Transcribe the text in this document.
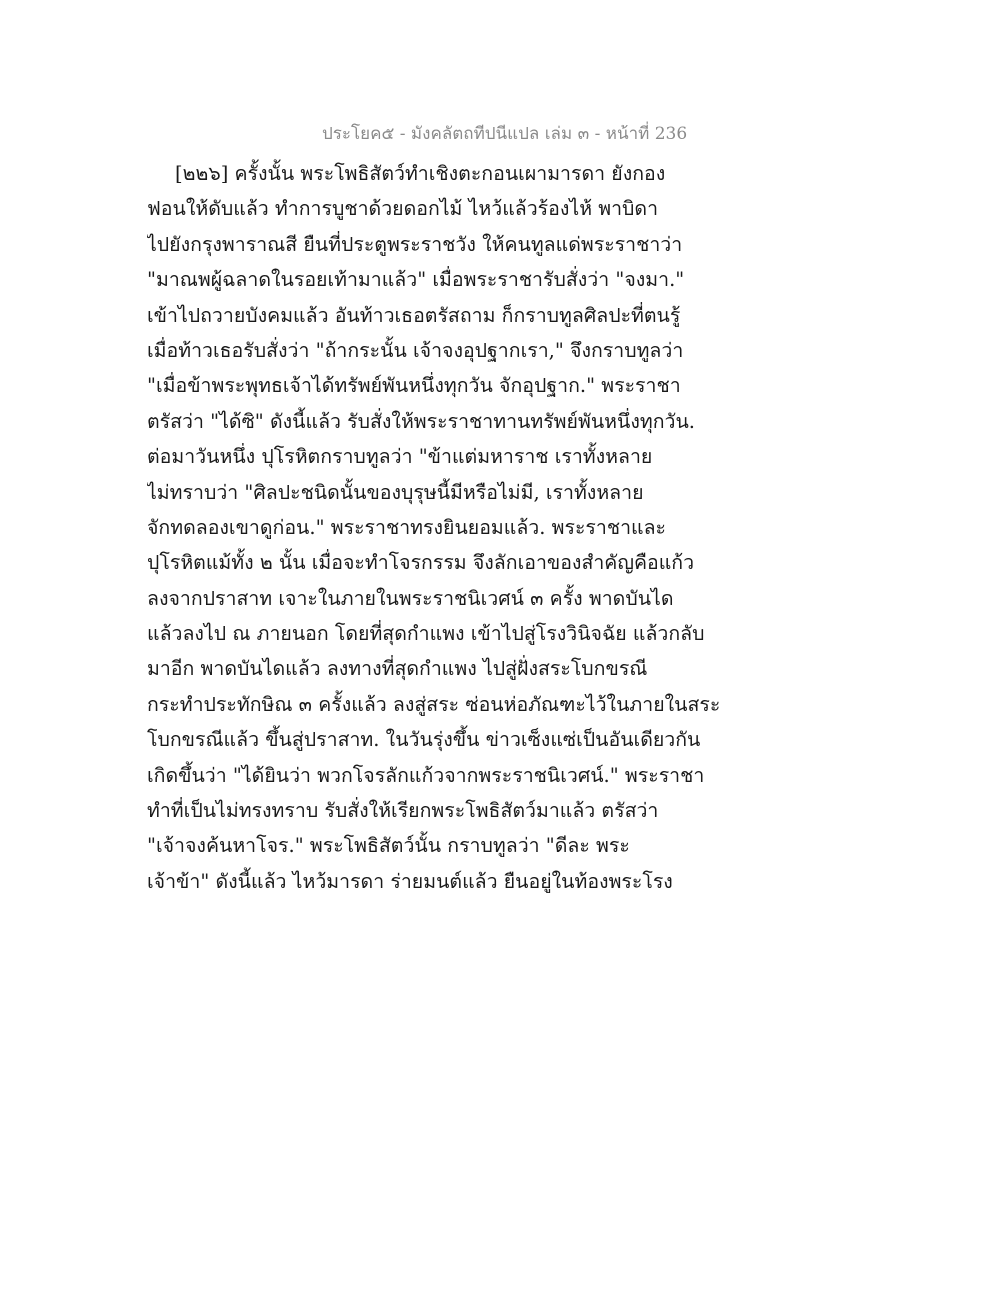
ประโยค๕ - มังคลัตถทีปนีแปล เล่ม ๓ - หน้าที่ 236
[๒๒๖] ครั้งนั้น พระโพธิสัตว์ทำเชิงตะกอนเผามารดา ยังกอง
ฟอนให้ดับแล้ว ทำการบูชาด้วยดอกไม้ ไหว้แล้วร้องไห้ พาบิดา
ไปยังกรุงพาราณสี ยืนที่ประตูพระราชวัง ให้คนทูลแด่พระราชาว่า
"มาณพผู้ฉลาดในรอยเท้ามาแล้ว" เมื่อพระราชารับสั่งว่า "จงมา."
เข้าไปถวายบังคมแล้ว อันท้าวเธอตรัสถาม ก็กราบทูลศิลปะที่ตนรู้
เมื่อท้าวเธอรับสั่งว่า "ถ้ากระนั้น เจ้าจงอุปฐากเรา," จึงกราบทูลว่า
"เมื่อข้าพระพุทธเจ้าได้ทรัพย์พันหนึ่งทุกวัน จักอุปฐาก." พระราชา
ตรัสว่า "ได้ซิ" ดังนี้แล้ว รับสั่งให้พระราชาทานทรัพย์พันหนึ่งทุกวัน.
ต่อมาวันหนึ่ง ปุโรหิตกราบทูลว่า "ข้าแต่มหาราช เราทั้งหลาย
ไม่ทราบว่า "ศิลปะชนิดนั้นของบุรุษนี้มีหรือไม่มี, เราทั้งหลาย
จักทดลองเขาดูก่อน." พระราชาทรงยินยอมแล้ว. พระราชาและ
ปุโรหิตแม้ทั้ง ๒ นั้น เมื่อจะทำโจรกรรม จึงลักเอาของสำคัญคือแก้ว
ลงจากปราสาท เจาะในภายในพระราชนิเวศน์ ๓ ครั้ง พาดบันได
แล้วลงไป ณ ภายนอก โดยที่สุดกำแพง เข้าไปสู่โรงวินิจฉัย แล้วกลับ
มาอีก พาดบันไดแล้ว ลงทางที่สุดกำแพง ไปสู่ฝั่งสระโบกขรณี
กระทำประทักษิณ ๓ ครั้งแล้ว ลงสู่สระ ซ่อนห่อภัณฑะไว้ในภายในสระ
โบกขรณีแล้ว ขึ้นสู่ปราสาท. ในวันรุ่งขึ้น ข่าวเซ็งแซ่เป็นอันเดียวกัน
เกิดขึ้นว่า "ได้ยินว่า พวกโจรลักแก้วจากพระราชนิเวศน์." พระราชา
ทำที่เป็นไม่ทรงทราบ รับสั่งให้เรียกพระโพธิสัตว์มาแล้ว ตรัสว่า
"เจ้าจงค้นหาโจร." พระโพธิสัตว์นั้น กราบทูลว่า "ดีละ พระ
เจ้าข้า" ดังนี้แล้ว ไหว้มารดา ร่ายมนต์แล้ว ยืนอยู่ในท้องพระโรง
